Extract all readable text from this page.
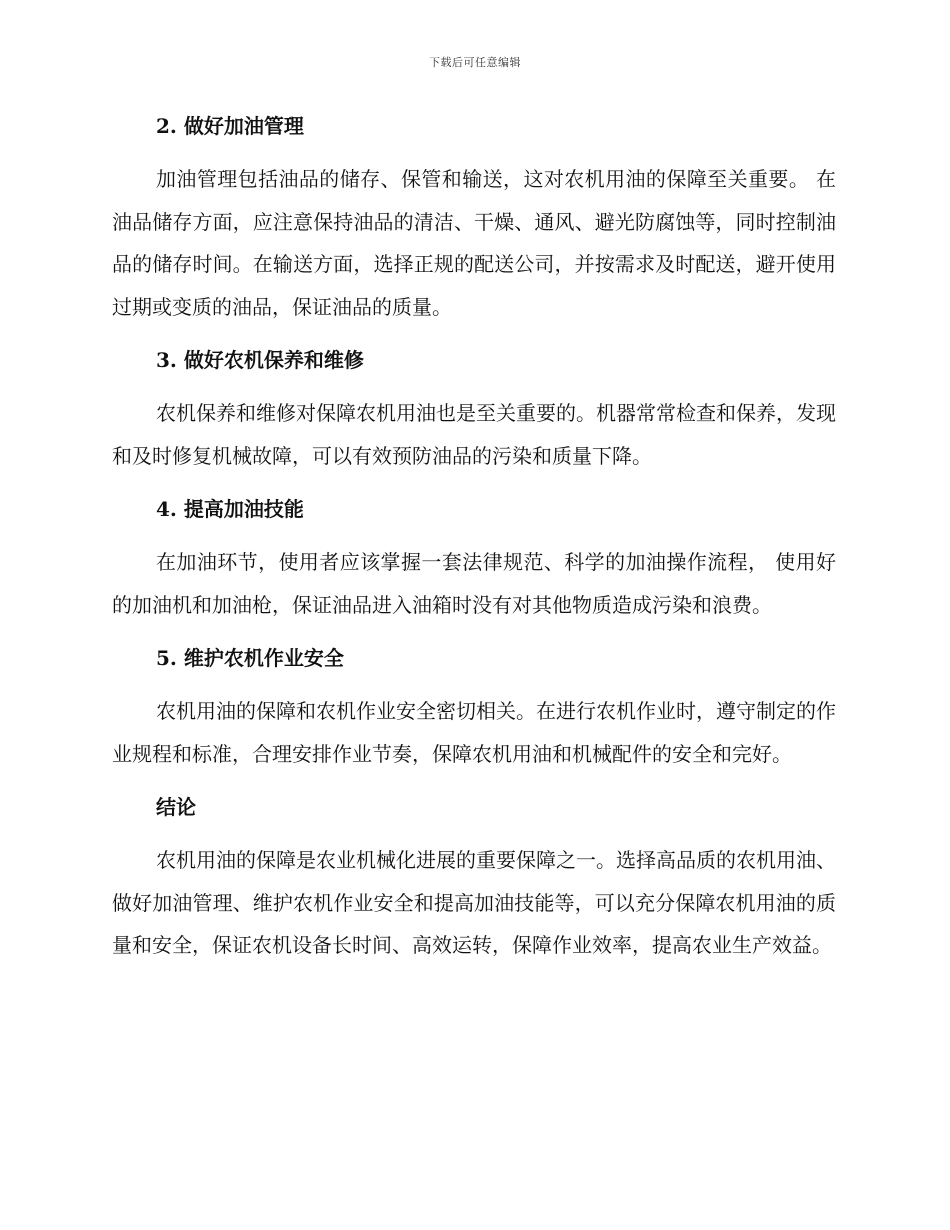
下载后可任意编辑
2. 做好加油管理

加油管理包括油品的储存、保管和输送，这对农机用油的保障至关重要。 在油品储存方面，应注意保持油品的清洁、干燥、通风、避光防腐蚀等，同时控制油品的储存时间。在输送方面，选择正规的配送公司，并按需求及时配送，避开使用过期或变质的油品，保证油品的质量。

3. 做好农机保养和维修

农机保养和维修对保障农机用油也是至关重要的。机器常常检查和保养，发现和及时修复机械故障，可以有效预防油品的污染和质量下降。

4. 提高加油技能

在加油环节，使用者应该掌握一套法律规范、科学的加油操作流程， 使用好的加油机和加油枪，保证油品进入油箱时没有对其他物质造成污染和浪费。

5. 维护农机作业安全

农机用油的保障和农机作业安全密切相关。在进行农机作业时，遵守制定的作业规程和标准，合理安排作业节奏，保障农机用油和机械配件的安全和完好。

结论

农机用油的保障是农业机械化进展的重要保障之一。选择高品质的农机用油、做好加油管理、维护农机作业安全和提高加油技能等，可以充分保障农机用油的质量和安全，保证农机设备长时间、高效运转，保障作业效率，提高农业生产效益。
